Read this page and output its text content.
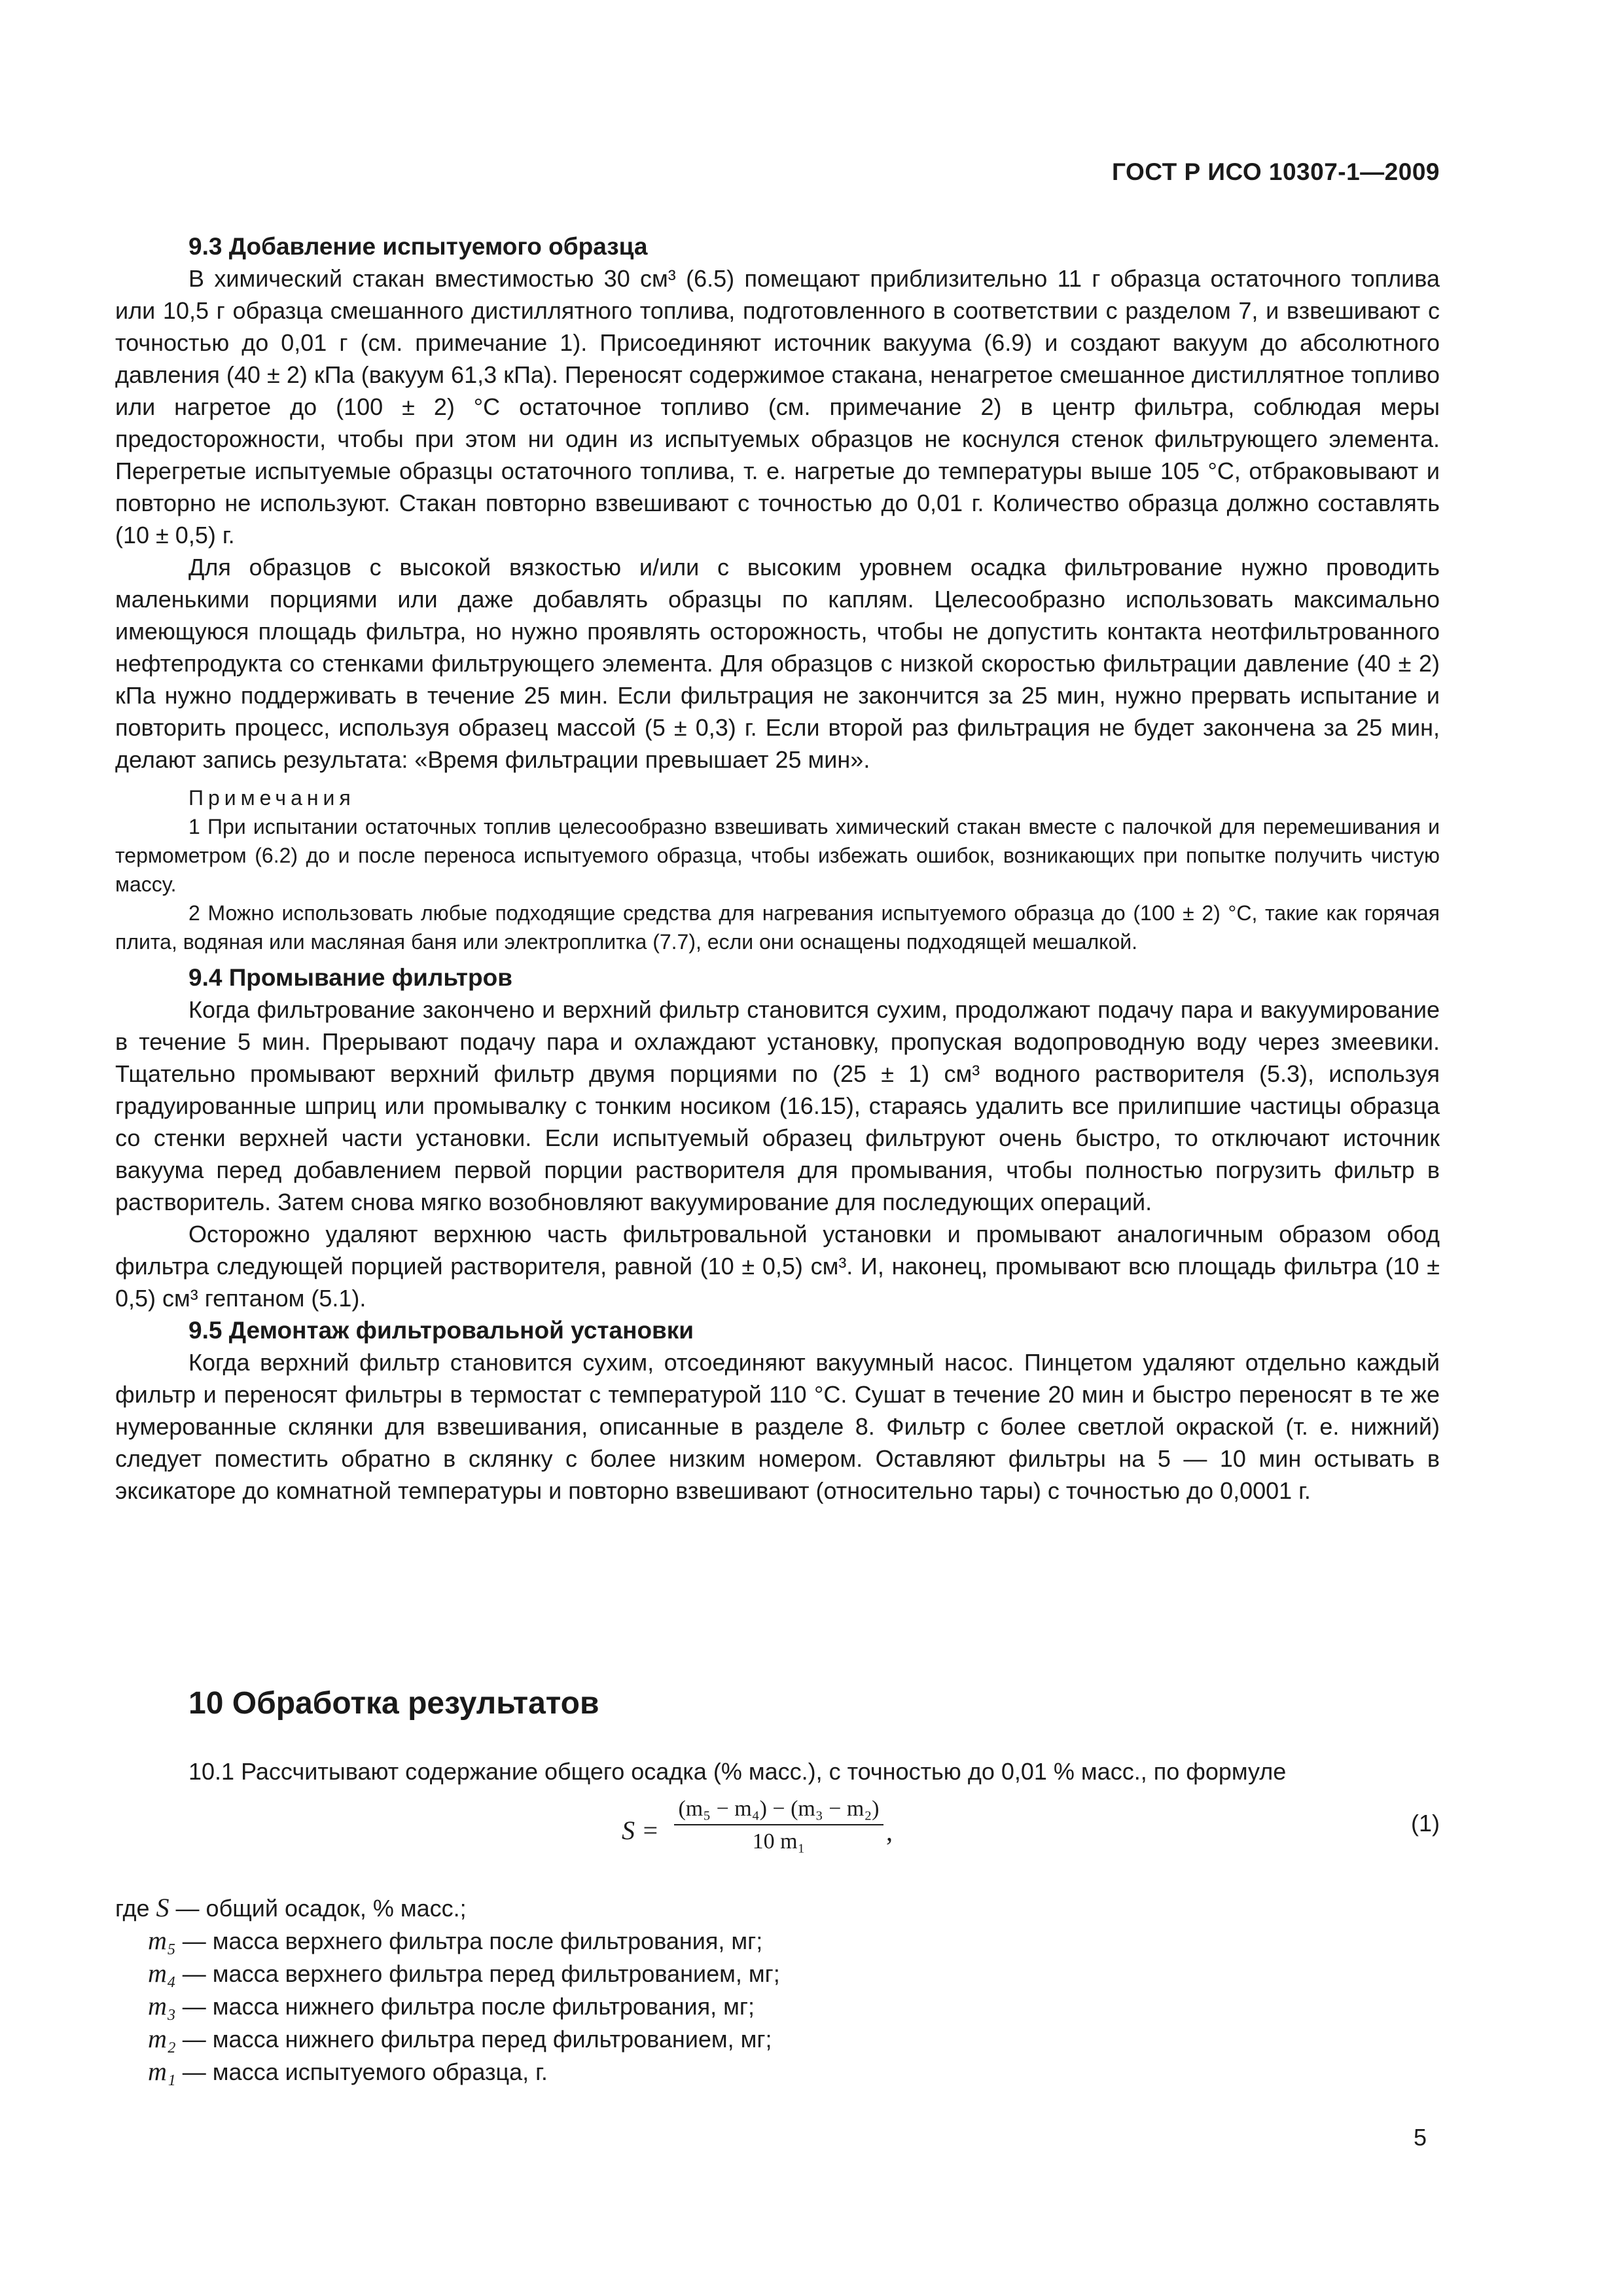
ГОСТ Р ИСО 10307-1—2009

9.3 Добавление испытуемого образца

В химический стакан вместимостью 30 см³ (6.5) помещают приблизительно 11 г образца остаточного топлива или 10,5 г образца смешанного дистиллятного топлива, подготовленного в соответствии с разделом 7, и взвешивают с точностью до 0,01 г (см. примечание 1). Присоединяют источник вакуума (6.9) и создают вакуум до абсолютного давления (40 ± 2) кПа (вакуум 61,3 кПа). Переносят содержимое стакана, ненагретое смешанное дистиллятное топливо или нагретое до (100 ± 2) °С остаточное топливо (см. примечание 2) в центр фильтра, соблюдая меры предосторожности, чтобы при этом ни один из испытуемых образцов не коснулся стенок фильтрующего элемента. Перегретые испытуемые образцы остаточного топлива, т. е. нагретые до температуры выше 105 °С, отбраковывают и повторно не используют. Стакан повторно взвешивают с точностью до 0,01 г. Количество образца должно составлять (10 ± 0,5) г.

Для образцов с высокой вязкостью и/или с высоким уровнем осадка фильтрование нужно проводить маленькими порциями или даже добавлять образцы по каплям. Целесообразно использовать максимально имеющуюся площадь фильтра, но нужно проявлять осторожность, чтобы не допустить контакта неотфильтрованного нефтепродукта со стенками фильтрующего элемента. Для образцов с низкой скоростью фильтрации давление (40 ± 2) кПа нужно поддерживать в течение 25 мин. Если фильтрация не закончится за 25 мин, нужно прервать испытание и повторить процесс, используя образец массой (5 ± 0,3) г. Если второй раз фильтрация не будет закончена за 25 мин, делают запись результата: «Время фильтрации превышает 25 мин».

Примечания

1 При испытании остаточных топлив целесообразно взвешивать химический стакан вместе с палочкой для перемешивания и термометром (6.2) до и после переноса испытуемого образца, чтобы избежать ошибок, возникающих при попытке получить чистую массу.

2 Можно использовать любые подходящие средства для нагревания испытуемого образца до (100 ± 2) °С, такие как горячая плита, водяная или масляная баня или электроплитка (7.7), если они оснащены подходящей мешалкой.

9.4 Промывание фильтров

Когда фильтрование закончено и верхний фильтр становится сухим, продолжают подачу пара и вакуумирование в течение 5 мин. Прерывают подачу пара и охлаждают установку, пропуская водопроводную воду через змеевики. Тщательно промывают верхний фильтр двумя порциями по (25 ± 1) см³ водного растворителя (5.3), используя градуированные шприц или промывалку с тонким носиком (16.15), стараясь удалить все прилипшие частицы образца со стенки верхней части установки. Если испытуемый образец фильтруют очень быстро, то отключают источник вакуума перед добавлением первой порции растворителя для промывания, чтобы полностью погрузить фильтр в растворитель. Затем снова мягко возобновляют вакуумирование для последующих операций.

Осторожно удаляют верхнюю часть фильтровальной установки и промывают аналогичным образом обод фильтра следующей порцией растворителя, равной (10 ± 0,5) см³. И, наконец, промывают всю площадь фильтра (10 ± 0,5) см³ гептаном (5.1).

9.5 Демонтаж фильтровальной установки

Когда верхний фильтр становится сухим, отсоединяют вакуумный насос. Пинцетом удаляют отдельно каждый фильтр и переносят фильтры в термостат с температурой 110 °С. Сушат в течение 20 мин и быстро переносят в те же нумерованные склянки для взвешивания, описанные в разделе 8. Фильтр с более светлой окраской (т. е. нижний) следует поместить обратно в склянку с более низким номером. Оставляют фильтры на 5 — 10 мин остывать в эксикаторе до комнатной температуры и повторно взвешивают (относительно тары) с точностью до 0,0001 г.

10 Обработка результатов

10.1 Рассчитывают содержание общего осадка (% масс.), с точностью до 0,01 % масс., по формуле

$S = \frac{\text{(m₅ − m₄) − (m₃ − m₂)}}{\text{10 m₁}}$ ,	(1)
где S — общий осадок, % масс.;
m₅ — масса верхнего фильтра после фильтрования, мг;
m₄ — масса верхнего фильтра перед фильтрованием, мг;
m₃ — масса нижнего фильтра после фильтрования, мг;
m₂ — масса нижнего фильтра перед фильтрованием, мг;
m₁ — масса испытуемого образца, г.
5
